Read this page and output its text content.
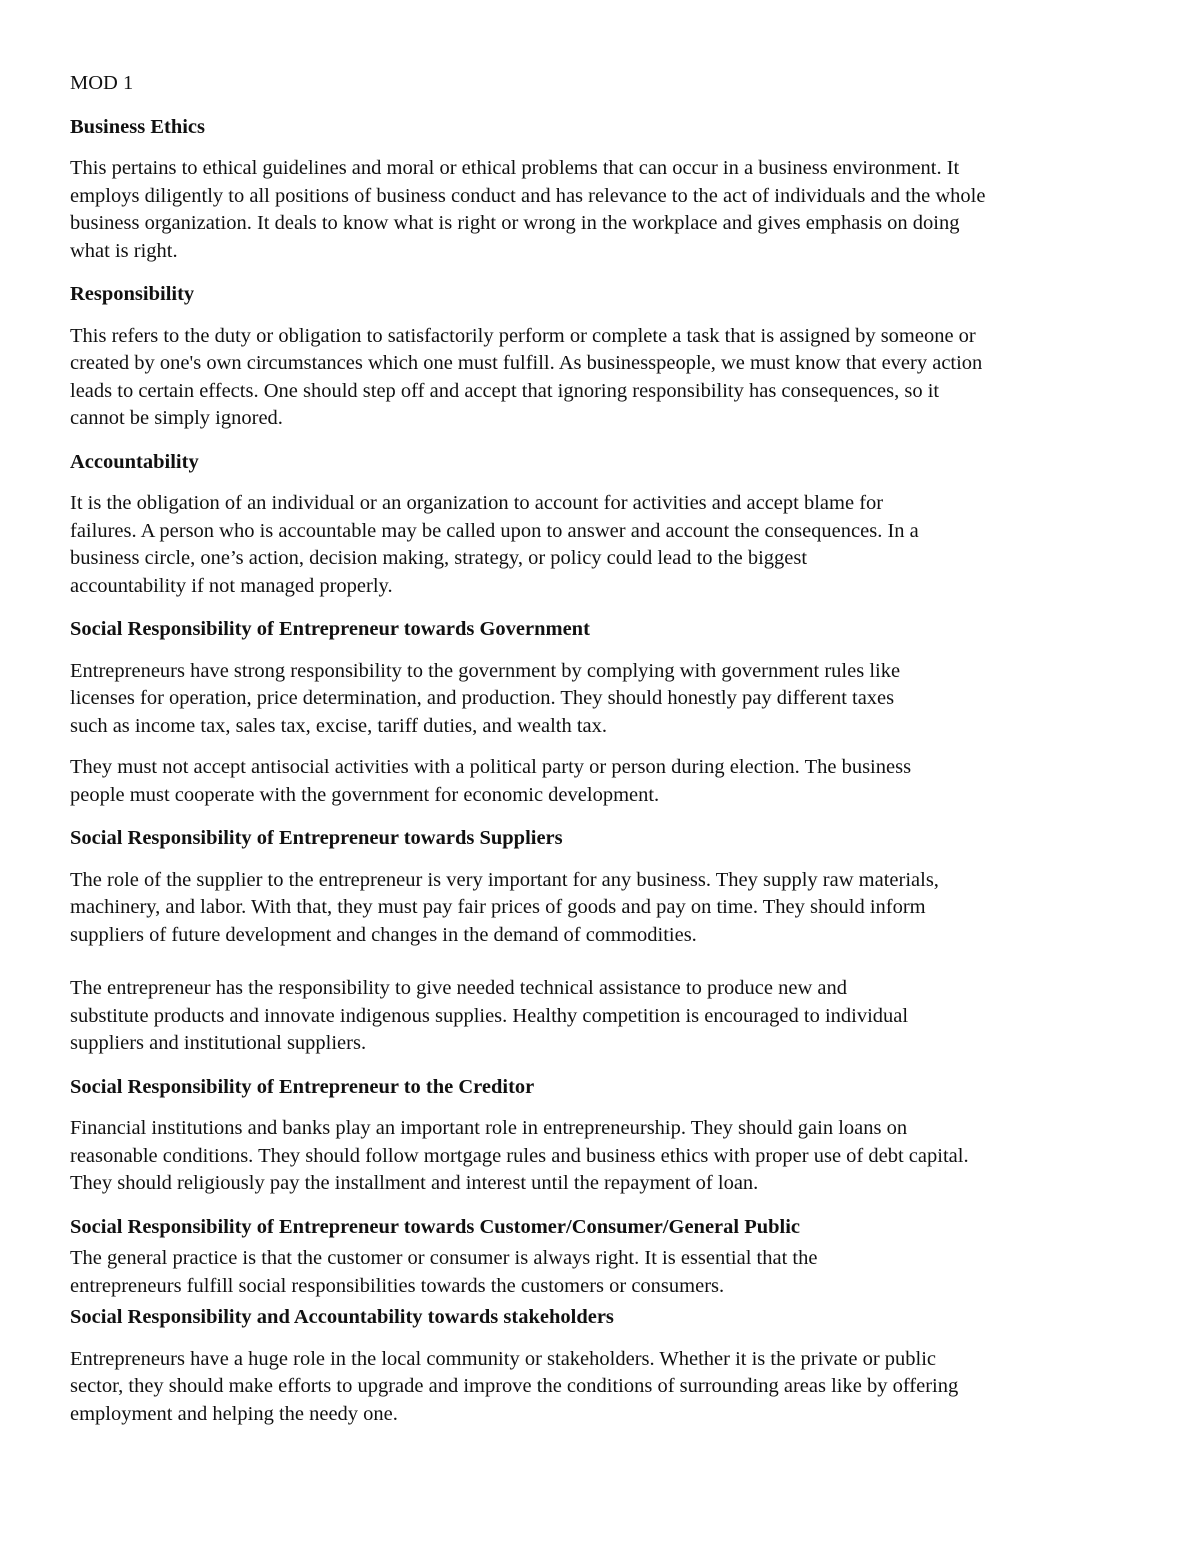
MOD 1
Business Ethics
This pertains to ethical guidelines and moral or ethical problems that can occur in a business environment. It
employs diligently to all positions of business conduct and has relevance to the act of individuals and the whole
business organization. It deals to know what is right or wrong in the workplace and gives emphasis on doing
what is right.
Responsibility
This refers to the duty or obligation to satisfactorily perform or complete a task that is assigned by someone or
created by one's own circumstances which one must fulfill. As businesspeople, we must know that every action
leads to certain effects. One should step off and accept that ignoring responsibility has consequences, so it
cannot be simply ignored.
Accountability
It is the obligation of an individual or an organization to account for activities and accept blame for
failures. A person who is accountable may be called upon to answer and account the consequences. In a
business circle, one’s action, decision making, strategy, or policy could lead to the biggest
accountability if not managed properly.
Social Responsibility of Entrepreneur towards Government
Entrepreneurs have strong responsibility to the government by complying with government rules like
licenses for operation, price determination, and production. They should honestly pay different taxes
such as income tax, sales tax, excise, tariff duties, and wealth tax.
They must not accept antisocial activities with a political party or person during election. The business
people must cooperate with the government for economic development.
Social Responsibility of Entrepreneur towards Suppliers
The role of the supplier to the entrepreneur is very important for any business. They supply raw materials,
machinery, and labor. With that, they must pay fair prices of goods and pay on time. They should inform
suppliers of future development and changes in the demand of commodities.
The entrepreneur has the responsibility to give needed technical assistance to produce new and
substitute products and innovate indigenous supplies. Healthy competition is encouraged to individual
suppliers and institutional suppliers.
Social Responsibility of Entrepreneur to the Creditor
Financial institutions and banks play an important role in entrepreneurship. They should gain loans on
reasonable conditions. They should follow mortgage rules and business ethics with proper use of debt capital.
They should religiously pay the installment and interest until the repayment of loan.
Social Responsibility of Entrepreneur towards Customer/Consumer/General Public
The general practice is that the customer or consumer is always right. It is essential that the
entrepreneurs fulfill social responsibilities towards the customers or consumers.
Social Responsibility and Accountability towards stakeholders
Entrepreneurs have a huge role in the local community or stakeholders. Whether it is the private or public
sector, they should make efforts to upgrade and improve the conditions of surrounding areas like by offering
employment and helping the needy one.
